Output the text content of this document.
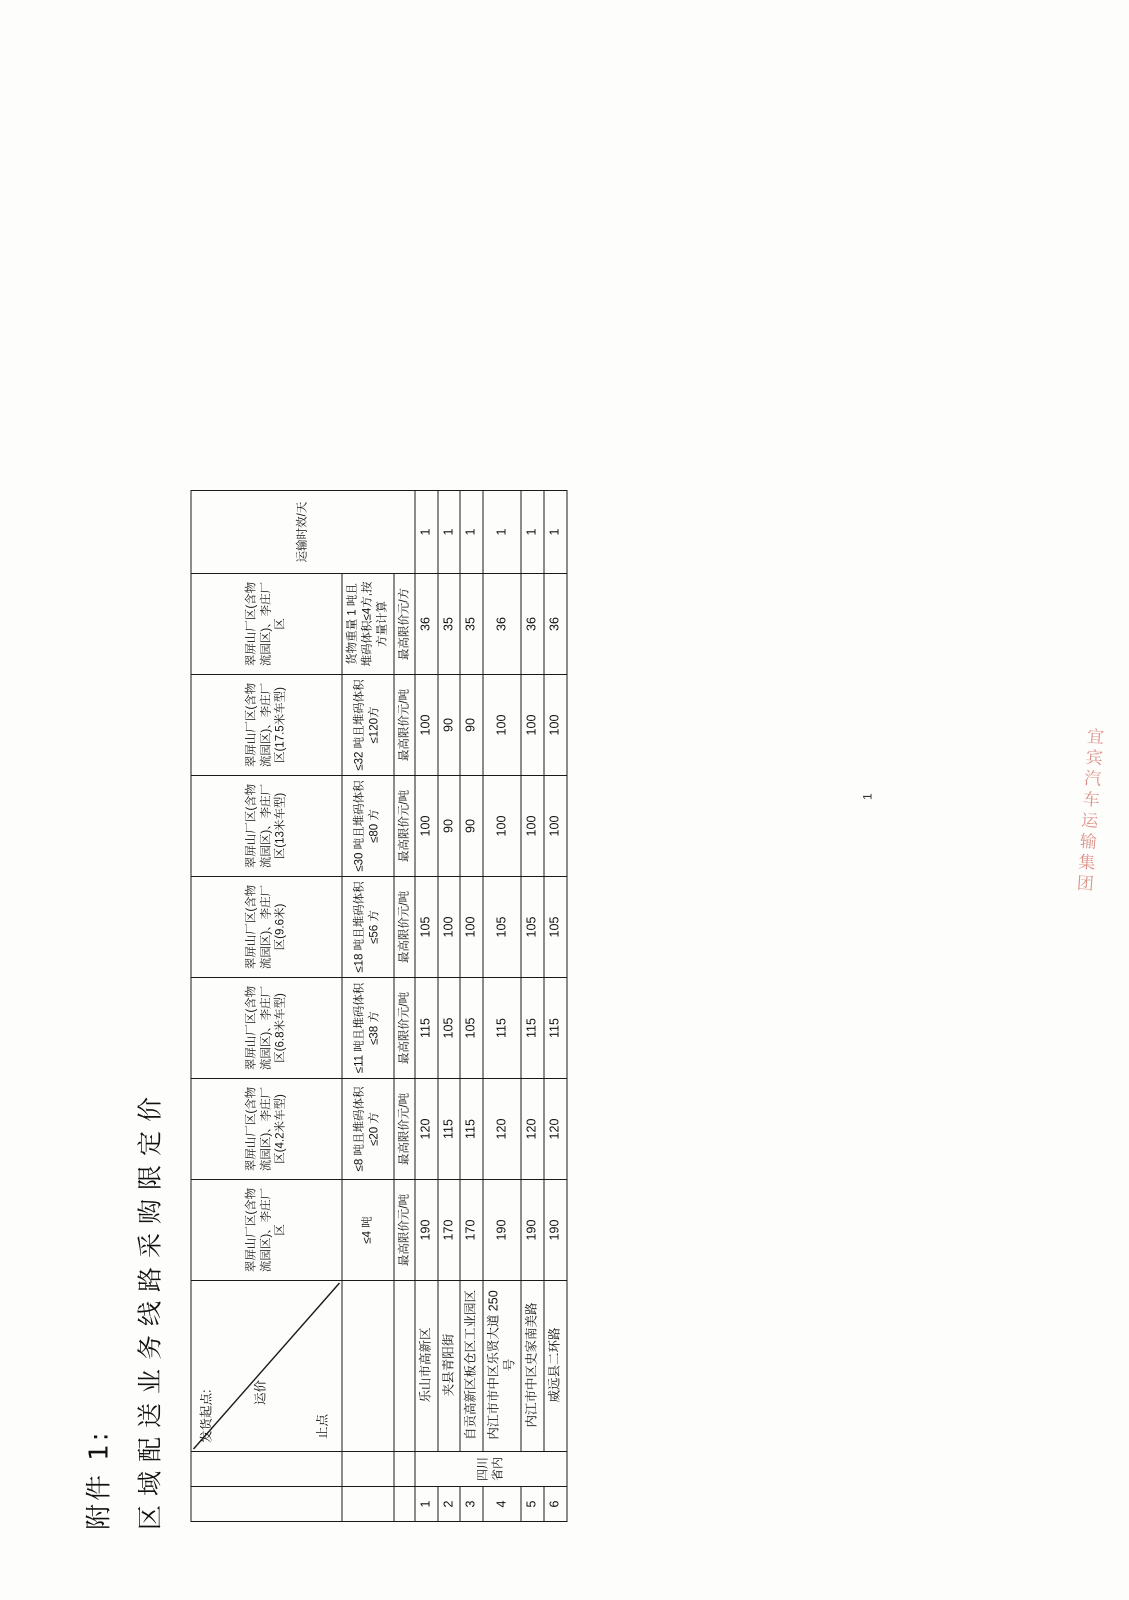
附件 1: 区域配送业务线路采购限定价

		发货起点: 运价
止点	翠屏山厂区(含物流园区)、李庄厂区	翠屏山厂区(含物流园区)、李庄厂区(4.2米车型)	翠屏山厂区(含物流园区)、李庄厂区(6.8米车型)	翠屏山厂区(含物流园区)、李庄厂区(9.6米)	翠屏山厂区(含物流园区)、李庄厂区(13米车型)	翠屏山厂区(含物流园区)、李庄厂区(17.5米车型)	翠屏山厂区(含物流园区)、李庄厂区	运输时效/天
			≤4 吨	≤8 吨且堆码体积≤20 方	≤11 吨且堆码体积≤38 方	≤18 吨且堆码体积≤56 方	≤30 吨且堆码体积≤80 方	≤32 吨且堆码体积≤120方	货物重量 1 吨且堆码体积≤4方,按方量计算	
			最高限价元/吨	最高限价元/吨	最高限价元/吨	最高限价元/吨	最高限价元/吨	最高限价元/吨	最高限价元/方	
1	四川省内	乐山市高新区	190	120	115	105	100	100	36	1
2		夹县青阳街	170	115	105	100	90	90	35	1
3		自贡高新区板仓区工业园区	170	115	105	100	90	90	35	1
4		内江市市中区乐贤大道 250 号	190	120	115	105	100	100	36	1
5		内江市中区史家南美路	190	120	115	105	100	100	36	1
6		威远县二环路	190	120	115	105	100	100	36	1
1	宜宾汽车运输集团
